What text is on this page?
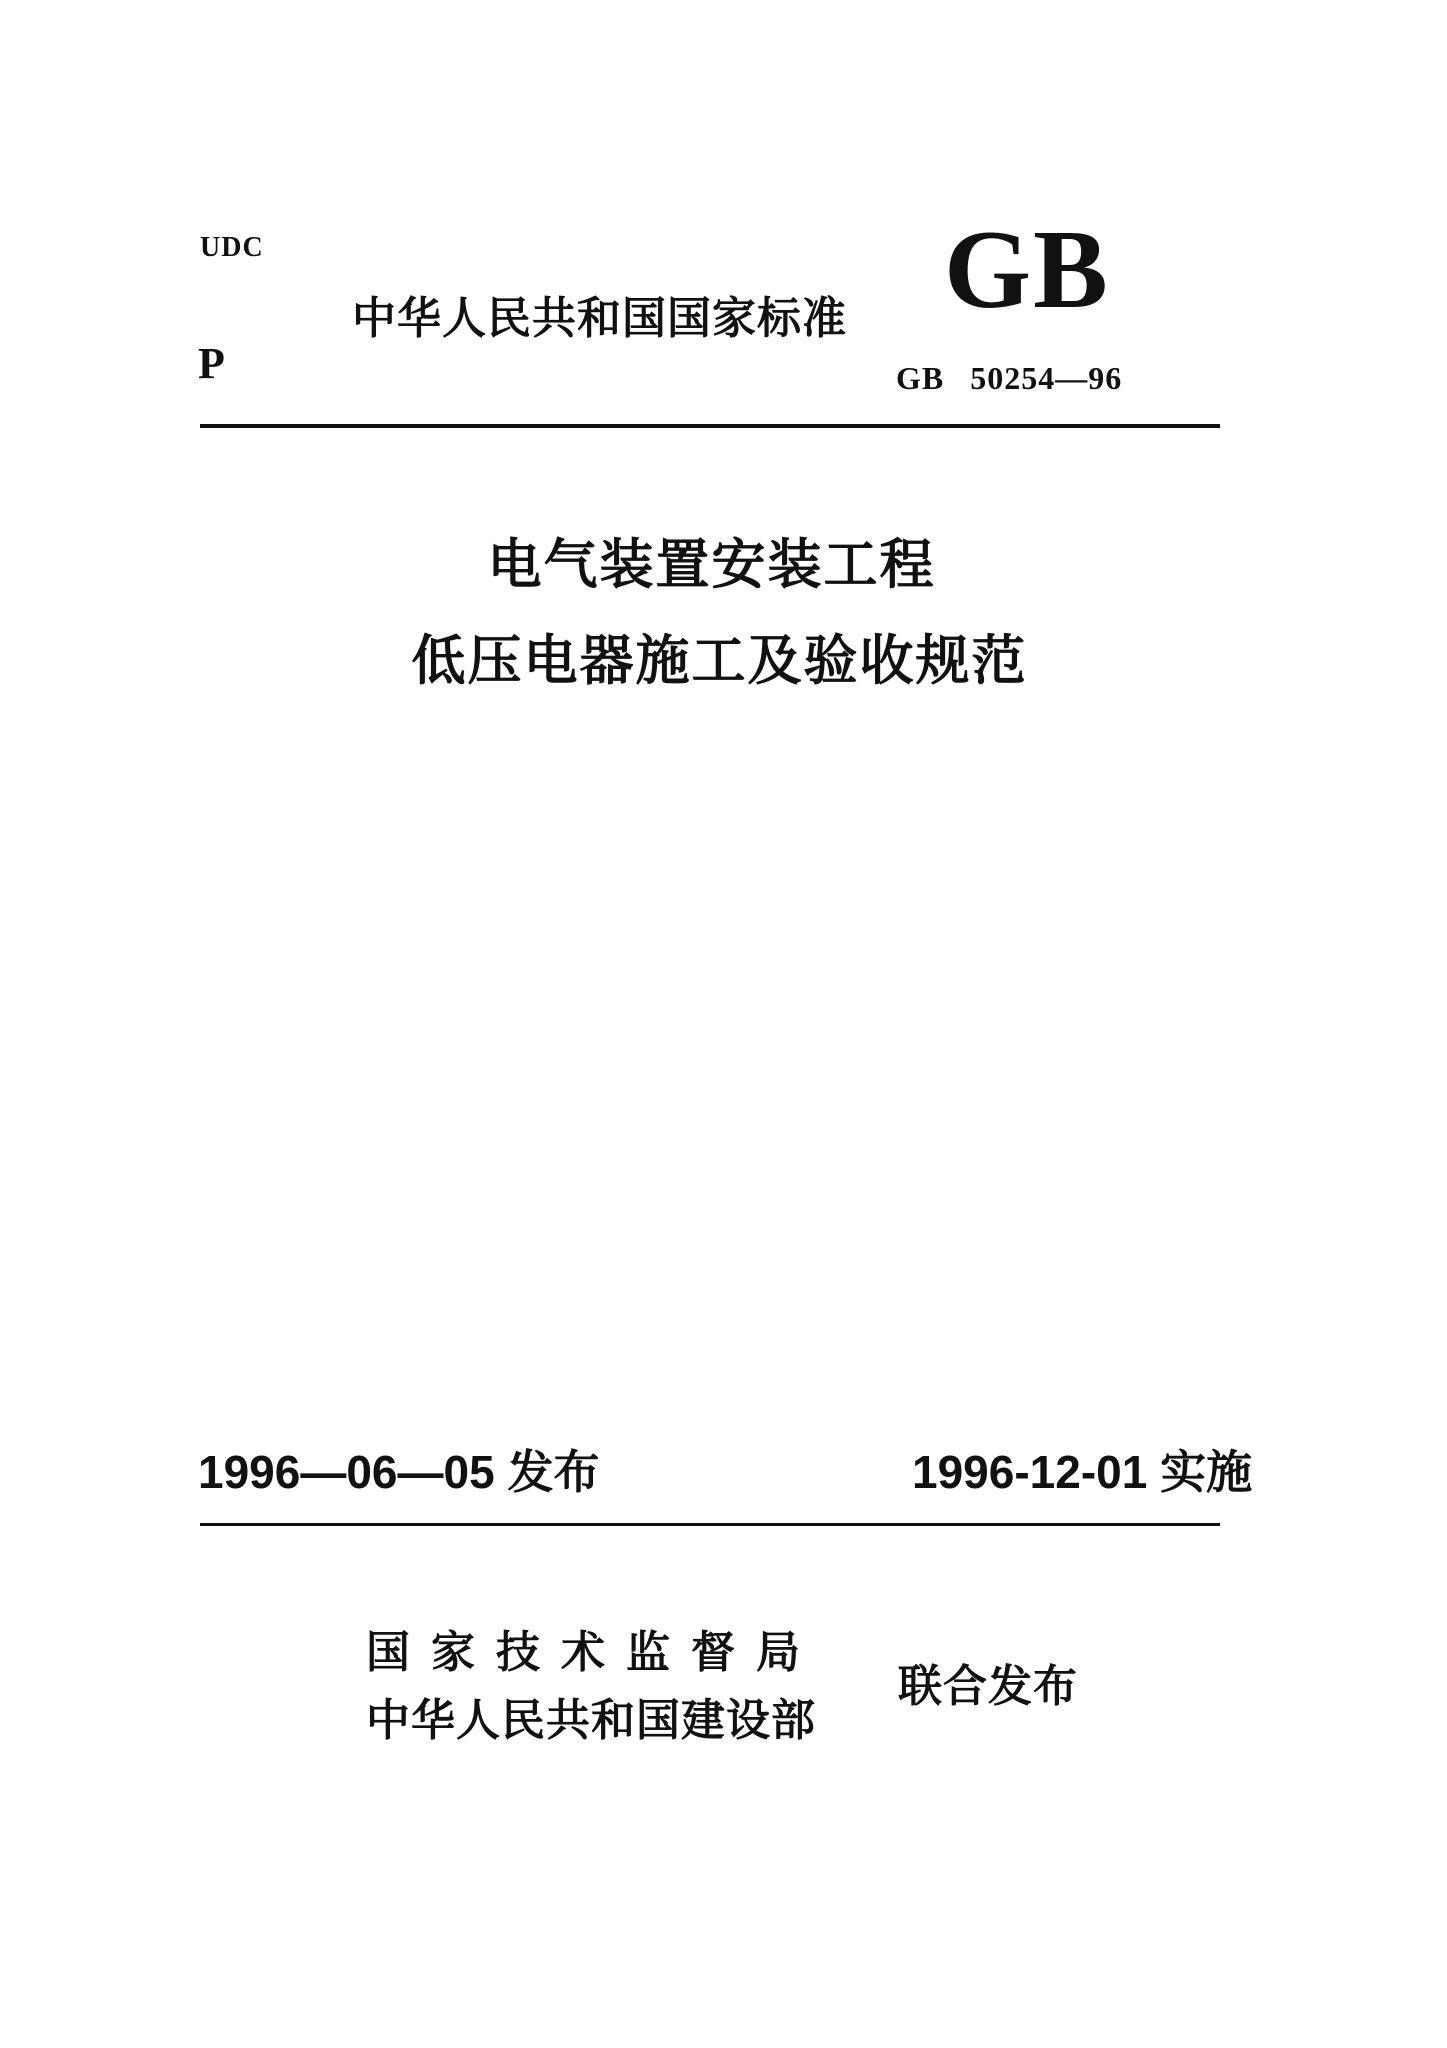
UDC
P
中华人民共和国国家标准 GB
GB 50254—96
电气装置安装工程
低压电器施工及验收规范
1996—06—05 发布	1996-12-01 实施
国家技术监督局
中华人民共和国建设部
联合发布
